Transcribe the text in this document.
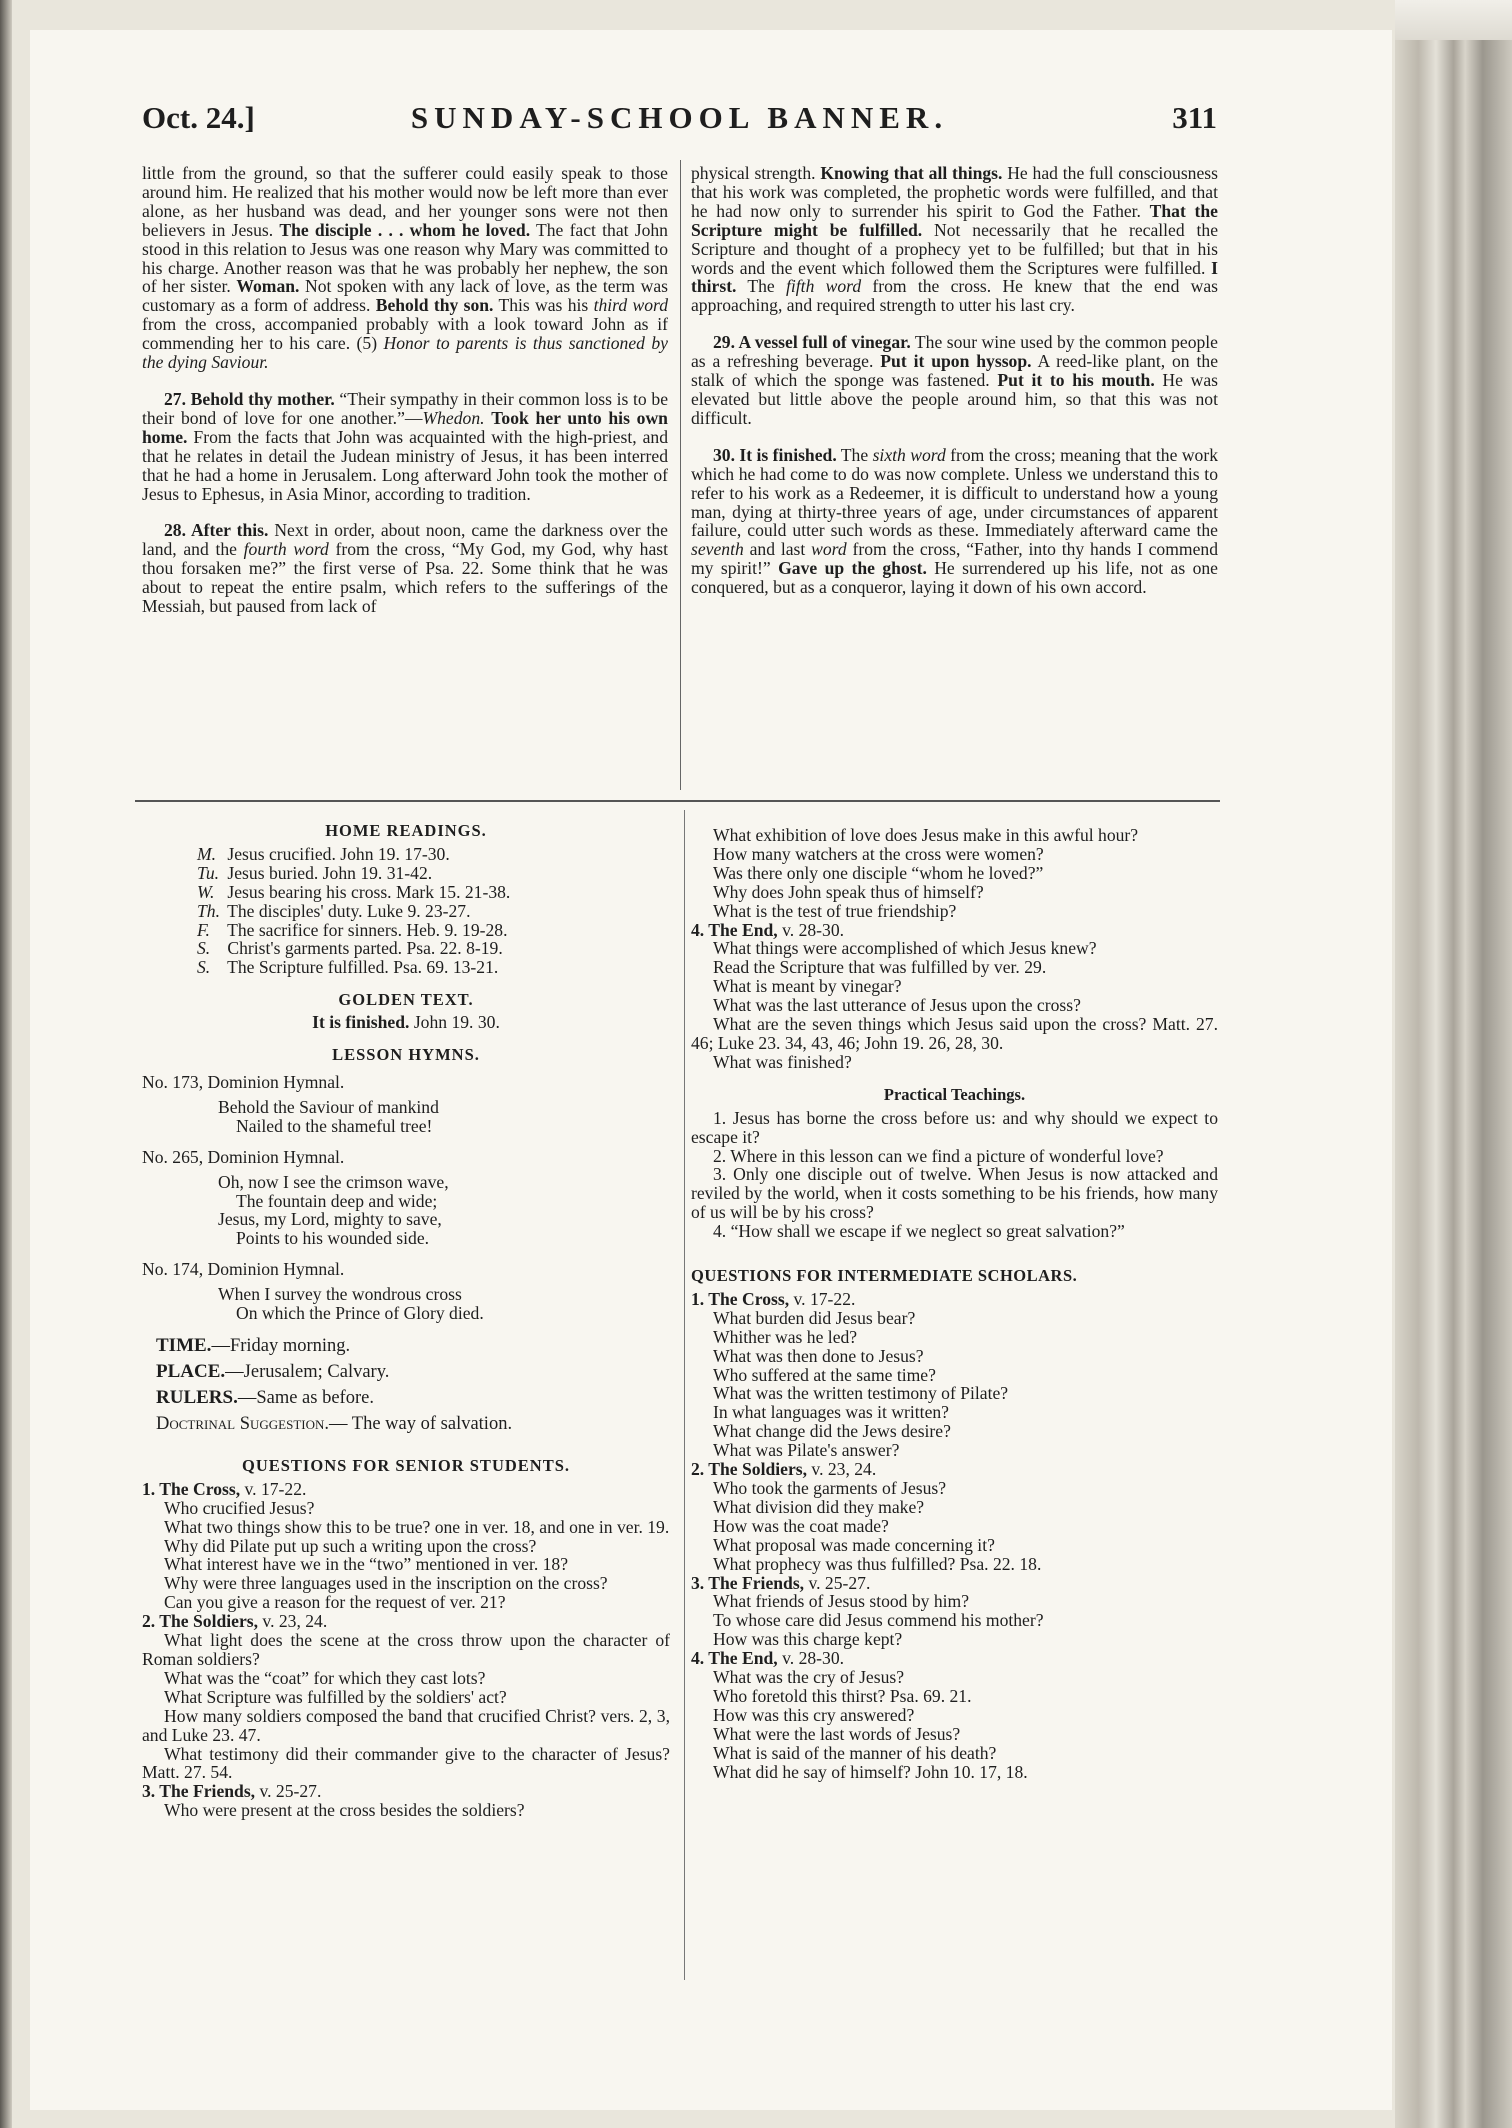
Oct. 24.]	SUNDAY-SCHOOL BANNER.	311

little from the ground, so that the sufferer could easily speak to those around him. He realized that his mother would now be left more than ever alone, as her husband was dead, and her younger sons were not then believers in Jesus. The disciple . . . whom he loved. The fact that John stood in this relation to Jesus was one reason why Mary was committed to his charge. Another reason was that he was probably her nephew, the son of her sister. Woman. Not spoken with any lack of love, as the term was customary as a form of address. Behold thy son. This was his third word from the cross, accompanied probably with a look toward John as if commending her to his care. (5) Honor to parents is thus sanctioned by the dying Saviour.

27. Behold thy mother. “Their sympathy in their common loss is to be their bond of love for one another.”—Whedon. Took her unto his own home. From the facts that John was acquainted with the high-priest, and that he relates in detail the Judean ministry of Jesus, it has been interred that he had a home in Jerusalem. Long afterward John took the mother of Jesus to Ephesus, in Asia Minor, according to tradition.

28. After this. Next in order, about noon, came the darkness over the land, and the fourth word from the cross, “My God, my God, why hast thou forsaken me?” the first verse of Psa. 22. Some think that he was about to repeat the entire psalm, which refers to the sufferings of the Messiah, but paused from lack of

physical strength. Knowing that all things. He had the full consciousness that his work was completed, the prophetic words were fulfilled, and that he had now only to surrender his spirit to God the Father. That the Scripture might be fulfilled. Not necessarily that he recalled the Scripture and thought of a prophecy yet to be fulfilled; but that in his words and the event which followed them the Scriptures were fulfilled. I thirst. The fifth word from the cross. He knew that the end was approaching, and required strength to utter his last cry.

29. A vessel full of vinegar. The sour wine used by the common people as a refreshing beverage. Put it upon hyssop. A reed-like plant, on the stalk of which the sponge was fastened. Put it to his mouth. He was elevated but little above the people around him, so that this was not difficult.

30. It is finished. The sixth word from the cross; meaning that the work which he had come to do was now complete. Unless we understand this to refer to his work as a Redeemer, it is difficult to understand how a young man, dying at thirty-three years of age, under circumstances of apparent failure, could utter such words as these. Immediately afterward came the seventh and last word from the cross, “Father, into thy hands I commend my spirit!” Gave up the ghost. He surrendered up his life, not as one conquered, but as a conqueror, laying it down of his own accord.

HOME READINGS.
M. Jesus crucified. John 19. 17-30.
Tu. Jesus buried. John 19. 31-42.
W. Jesus bearing his cross. Mark 15. 21-38.
Th. The disciples' duty. Luke 9. 23-27.
F. The sacrifice for sinners. Heb. 9. 19-28.
S. Christ's garments parted. Psa. 22. 8-19.
S. The Scripture fulfilled. Psa. 69. 13-21.
GOLDEN TEXT.
It is finished. John 19. 30.
LESSON HYMNS.
No. 173, Dominion Hymnal.
Behold the Saviour of mankind
Nailed to the shameful tree!
No. 265, Dominion Hymnal.
Oh, now I see the crimson wave,
The fountain deep and wide;
Jesus, my Lord, mighty to save,
Points to his wounded side.
No. 174, Dominion Hymnal.
When I survey the wondrous cross
On which the Prince of Glory died.
TIME.—Friday morning.
PLACE.—Jerusalem; Calvary.
RULERS.—Same as before.
Doctrinal Suggestion.— The way of salvation.
QUESTIONS FOR SENIOR STUDENTS.
1. The Cross, v. 17-22.
Who crucified Jesus?
What two things show this to be true? one in ver. 18, and one in ver. 19.
Why did Pilate put up such a writing upon the cross?
What interest have we in the “two” mentioned in ver. 18?
Why were three languages used in the inscription on the cross?
Can you give a reason for the request of ver. 21?
2. The Soldiers, v. 23, 24.
What light does the scene at the cross throw upon the character of Roman soldiers?
What was the “coat” for which they cast lots?
What Scripture was fulfilled by the soldiers' act?
How many soldiers composed the band that crucified Christ? vers. 2, 3, and Luke 23. 47.
What testimony did their commander give to the character of Jesus? Matt. 27. 54.
3. The Friends, v. 25-27.
Who were present at the cross besides the soldiers?
What exhibition of love does Jesus make in this awful hour?
How many watchers at the cross were women?
Was there only one disciple “whom he loved?”
Why does John speak thus of himself?
What is the test of true friendship?
4. The End, v. 28-30.
What things were accomplished of which Jesus knew?
Read the Scripture that was fulfilled by ver. 29.
What is meant by vinegar?
What was the last utterance of Jesus upon the cross?
What are the seven things which Jesus said upon the cross? Matt. 27. 46; Luke 23. 34, 43, 46; John 19. 26, 28, 30.
What was finished?
Practical Teachings.
1. Jesus has borne the cross before us: and why should we expect to escape it?
2. Where in this lesson can we find a picture of wonderful love?
3. Only one disciple out of twelve. When Jesus is now attacked and reviled by the world, when it costs something to be his friends, how many of us will be by his cross?
4. “How shall we escape if we neglect so great salvation?”
QUESTIONS FOR INTERMEDIATE SCHOLARS.
1. The Cross, v. 17-22.
What burden did Jesus bear?
Whither was he led?
What was then done to Jesus?
Who suffered at the same time?
What was the written testimony of Pilate?
In what languages was it written?
What change did the Jews desire?
What was Pilate's answer?
2. The Soldiers, v. 23, 24.
Who took the garments of Jesus?
What division did they make?
How was the coat made?
What proposal was made concerning it?
What prophecy was thus fulfilled? Psa. 22. 18.
3. The Friends, v. 25-27.
What friends of Jesus stood by him?
To whose care did Jesus commend his mother?
How was this charge kept?
4. The End, v. 28-30.
What was the cry of Jesus?
Who foretold this thirst? Psa. 69. 21.
How was this cry answered?
What were the last words of Jesus?
What is said of the manner of his death?
What did he say of himself? John 10. 17, 18.
